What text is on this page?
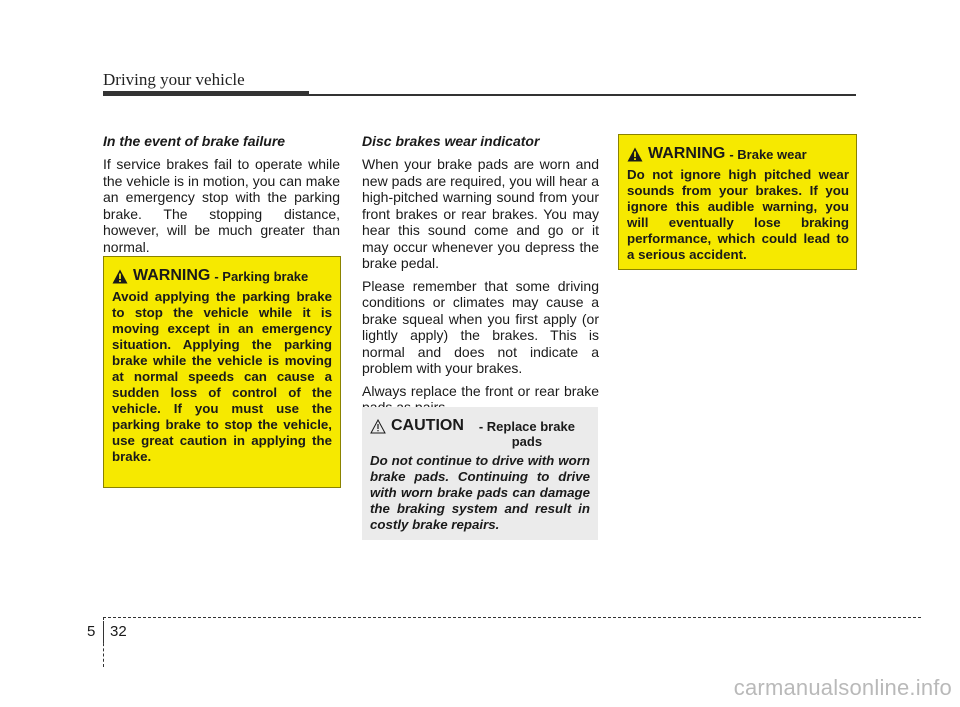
Driving your vehicle
In the event of brake failure

If service brakes fail to operate while the vehicle is in motion, you can make an emergency stop with the parking brake. The stopping distance, however, will be much greater than normal.

WARNING - Parking brake
Avoid applying the parking brake to stop the vehicle while it is moving except in an emergency situation. Applying the parking brake while the vehicle is moving at normal speeds can cause a sudden loss of control of the vehicle. If you must use the parking brake to stop the vehicle, use great caution in applying the brake.
Disc brakes wear indicator

When your brake pads are worn and new pads are required, you will hear a high-pitched warning sound from your front brakes or rear brakes. You may hear this sound come and go or it may occur whenever you depress the brake pedal.

Please remember that some driving conditions or climates may cause a brake squeal when you first apply (or lightly apply) the brakes. This is normal and does not indicate a problem with your brakes.

Always replace the front or rear brake

CAUTION	- Replace brake pads
Do not continue to drive with worn brake pads. Continuing to drive with worn brake pads can damage the braking system and result in costly brake repairs.
WARNING - Brake wear
Do not ignore high pitched wear sounds from your brakes. If you ignore this audible warning, you will eventually lose braking performance, which could lead to a serious accident.
5 32
carmanualsonline.info
